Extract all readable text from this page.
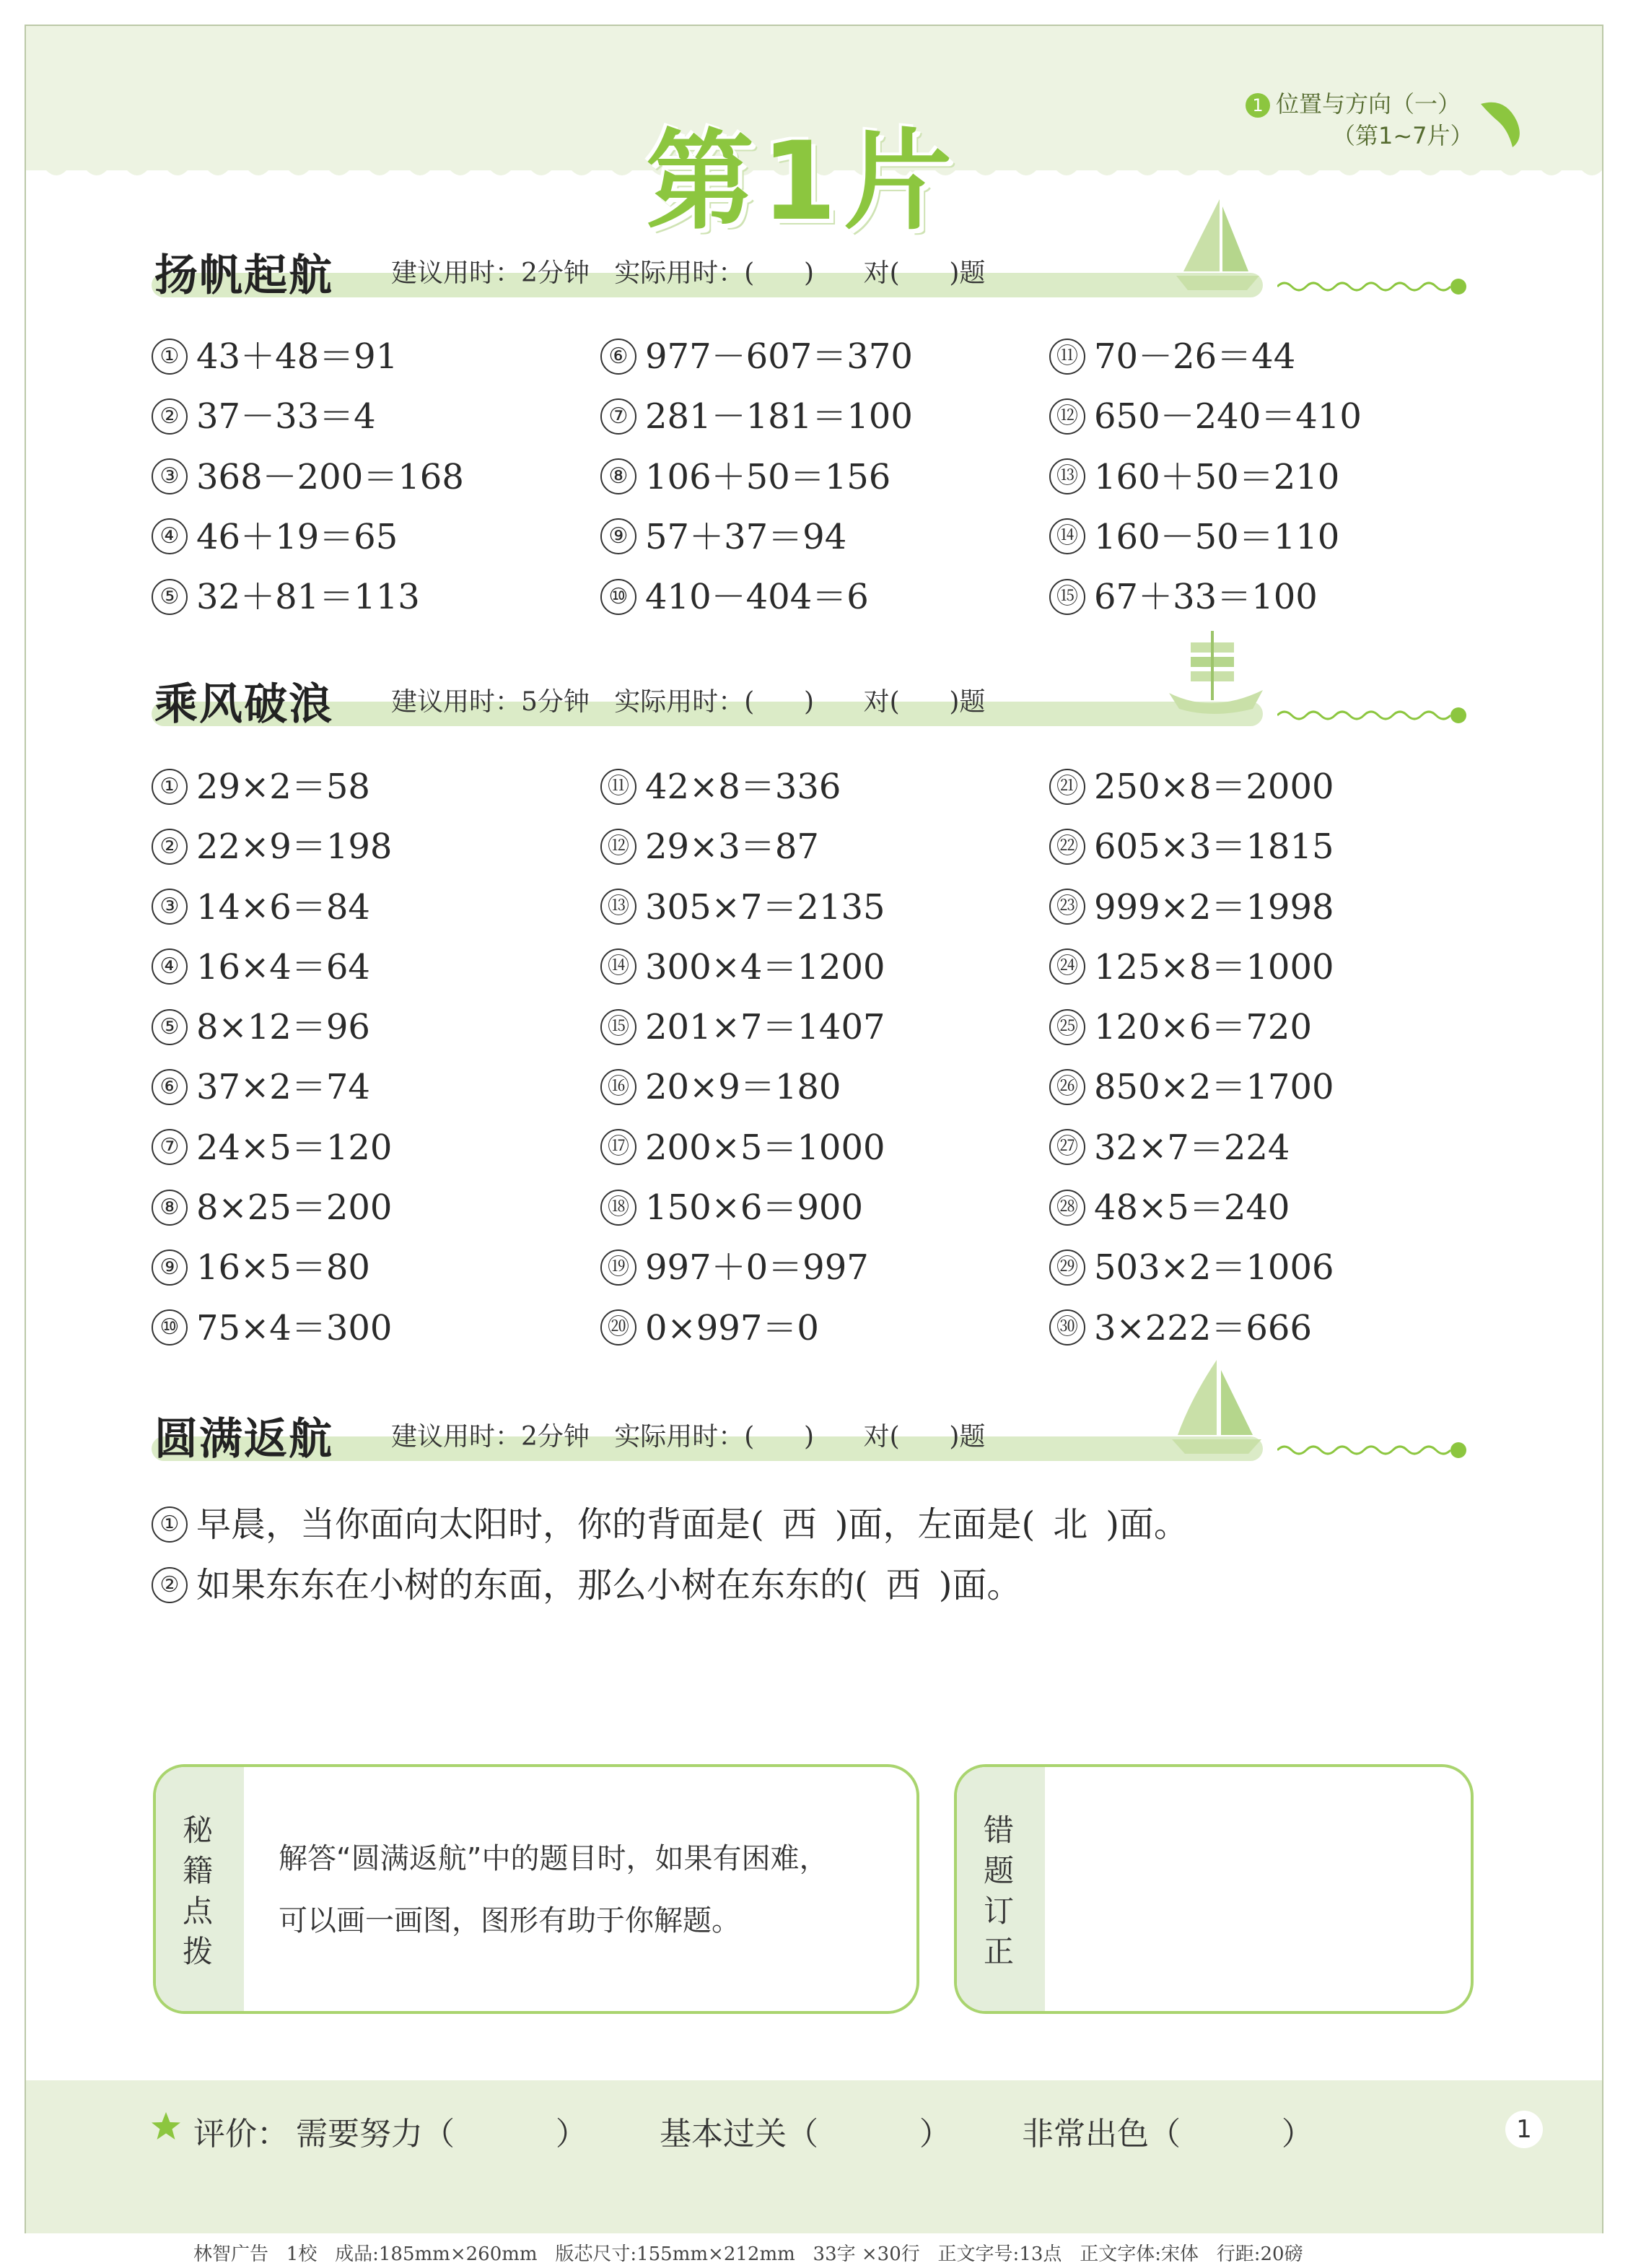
第1片
1 位置与方向（一）
（第1~7片）
扬帆起航 建议用时：2分钟   实际用时：(      )      对(      )题
① 43＋48＝91
② 37－33＝4
③ 368－200＝168
④ 46＋19＝65
⑤ 32＋81＝113
⑥ 977－607＝370
⑦ 281－181＝100
⑧ 106＋50＝156
⑨ 57＋37＝94
⑩ 410－404＝6
⑪ 70－26＝44
⑫ 650－240＝410
⑬ 160＋50＝210
⑭ 160－50＝110
⑮ 67＋33＝100
乘风破浪 建议用时：5分钟   实际用时：(      )      对(      )题
① 29×2＝58
② 22×9＝198
③ 14×6＝84
④ 16×4＝64
⑤ 8×12＝96
⑥ 37×2＝74
⑦ 24×5＝120
⑧ 8×25＝200
⑨ 16×5＝80
⑩ 75×4＝300
⑪ 42×8＝336
⑫ 29×3＝87
⑬ 305×7＝2135
⑭ 300×4＝1200
⑮ 201×7＝1407
⑯ 20×9＝180
⑰ 200×5＝1000
⑱ 150×6＝900
⑲ 997＋0＝997
⑳ 0×997＝0
㉑ 250×8＝2000
㉒ 605×3＝1815
㉓ 999×2＝1998
㉔ 125×8＝1000
㉕ 120×6＝720
㉖ 850×2＝1700
㉗ 32×7＝224
㉘ 48×5＝240
㉙ 503×2＝1006
㉚ 3×222＝666
圆满返航 建议用时：2分钟   实际用时：(      )      对(      )题
① 早晨，当你面向太阳时，你的背面是( 西 )面，左面是( 北 )面。
② 如果东东在小树的东面，那么小树在东东的( 西 )面。
秘
籍
点
拨
解答“圆满返航”中的题目时，如果有困难，
可以画一画图，图形有助于你解题。
错
题
订
正
评价： 需要努力（          ） 基本过关（          ） 非常出色（          ）	1
林智广告   1校   成品:185mm×260mm   版芯尺寸:155mm×212mm   33字 ×30行   正文字号:13点   正文字体:宋体   行距:20磅
